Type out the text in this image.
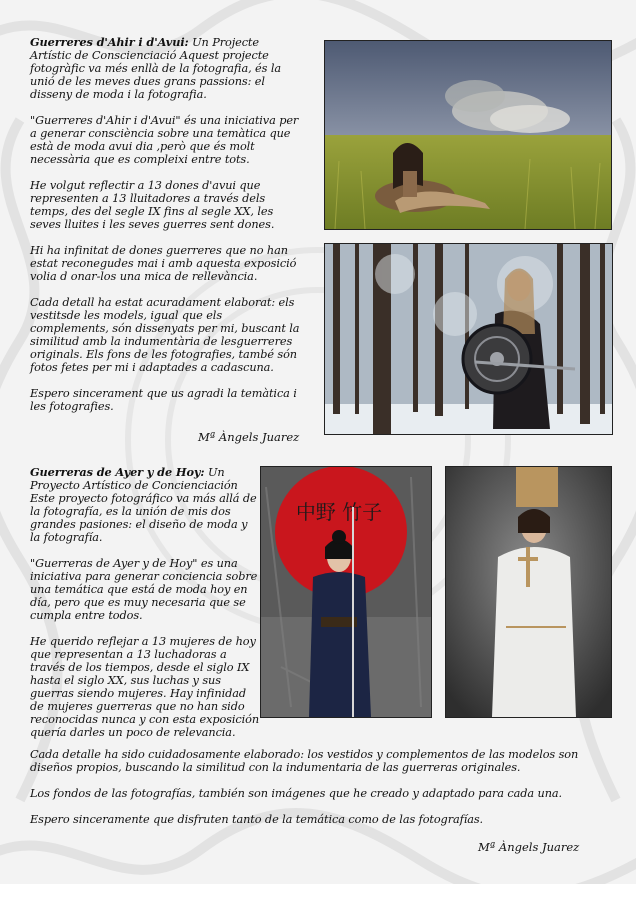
Guerreres d'Ahir i d'Avui: Un Projecte Artístic de Conscienciació Aquest projecte fotogràfic va més enllà de la fotografia, és la unió de les meves dues grans passions: el disseny de moda i la fotografia.

"Guerreres d'Ahir i d'Avui" és una iniciativa per a generar consciència sobre una temàtica que està de moda avui dia ,però que és molt necessària que es compleixi entre tots.

He volgut reflectir a 13 dones d'avui que representen a 13 lluitadores a través dels temps, des del segle IX fins al segle XX, les seves lluites i les seves guerres sent dones.

Hi ha infinitat de dones guerreres que no han estat reconegudes mai i amb aquesta exposició volia d onar-los una mica de rellevància.

Cada detall ha estat acuradament elaborat: els vestitsde les models, igual que els complements, són dissenyats per mi, buscant la similitud amb la indumentària de lesguerreres originals. Els fons de les fotografies, també són fotos fetes per mi i adaptades a cadascuna.

Espero sincerament que us agradi la temàtica i les fotografies.

Mª Àngels Juarez

Guerreras de Ayer y de Hoy: Un Proyecto Artístico de Concienciación Este proyecto fotográfico va más allá de la fotografía, es la unión de mis dos grandes pasiones: el diseño de moda y la fotografía.

"Guerreras de Ayer y de Hoy" es una iniciativa para generar conciencia sobre una temática que está de moda hoy en día, pero que es muy necesaria que se cumpla entre todos.

He querido reflejar a 13 mujeres de hoy que representan a 13 luchadoras a través de los tiempos, desde el siglo IX hasta el siglo XX, sus luchas y sus guerras siendo mujeres. Hay infinidad de mujeres guerreras que no han sido reconocidas nunca y con esta exposición quería darles un poco de relevancia.

Cada detalle ha sido cuidadosamente elaborado: los vestidos y complementos de las modelos son diseños propios, buscando la similitud con la indumentaria de las guerreras originales.

Los fondos de las fotografías, también son imágenes que he creado y adaptado para cada una.

Espero sinceramente que disfruten tanto de la temática como de las fotografías.

Mª Àngels Juarez
中野 竹子
